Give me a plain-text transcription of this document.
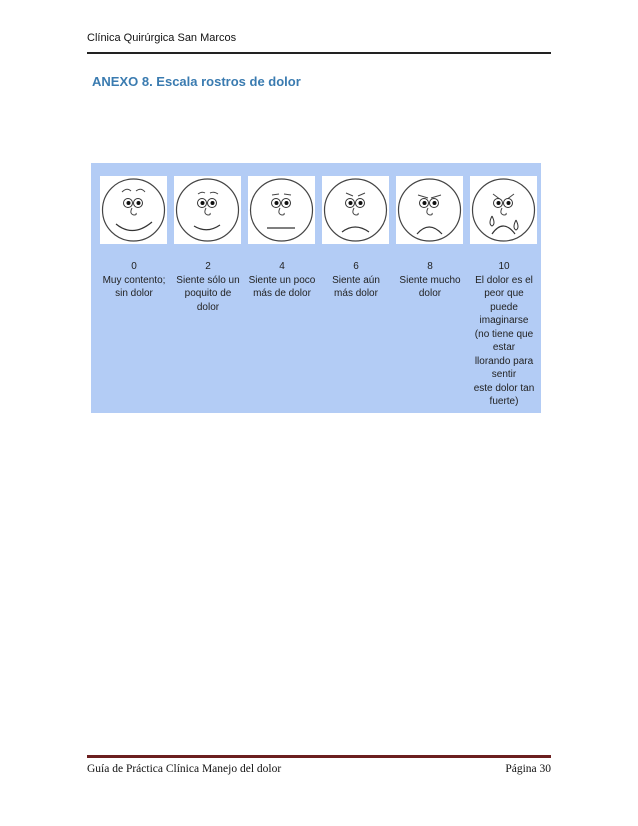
Clínica Quirúrgica San Marcos
ANEXO 8. Escala rostros de dolor
0
Muy contento;
sin dolor
2
Siente sólo un
poquito de
dolor
4
Siente un poco
más de dolor
6
Siente aún
más dolor
8
Siente mucho
dolor
10
El dolor es el
peor que
puede
imaginarse
(no tiene que
estar
llorando para
sentir
este dolor tan
fuerte)
Guía de Práctica Clínica Manejo del dolor	Página 30
